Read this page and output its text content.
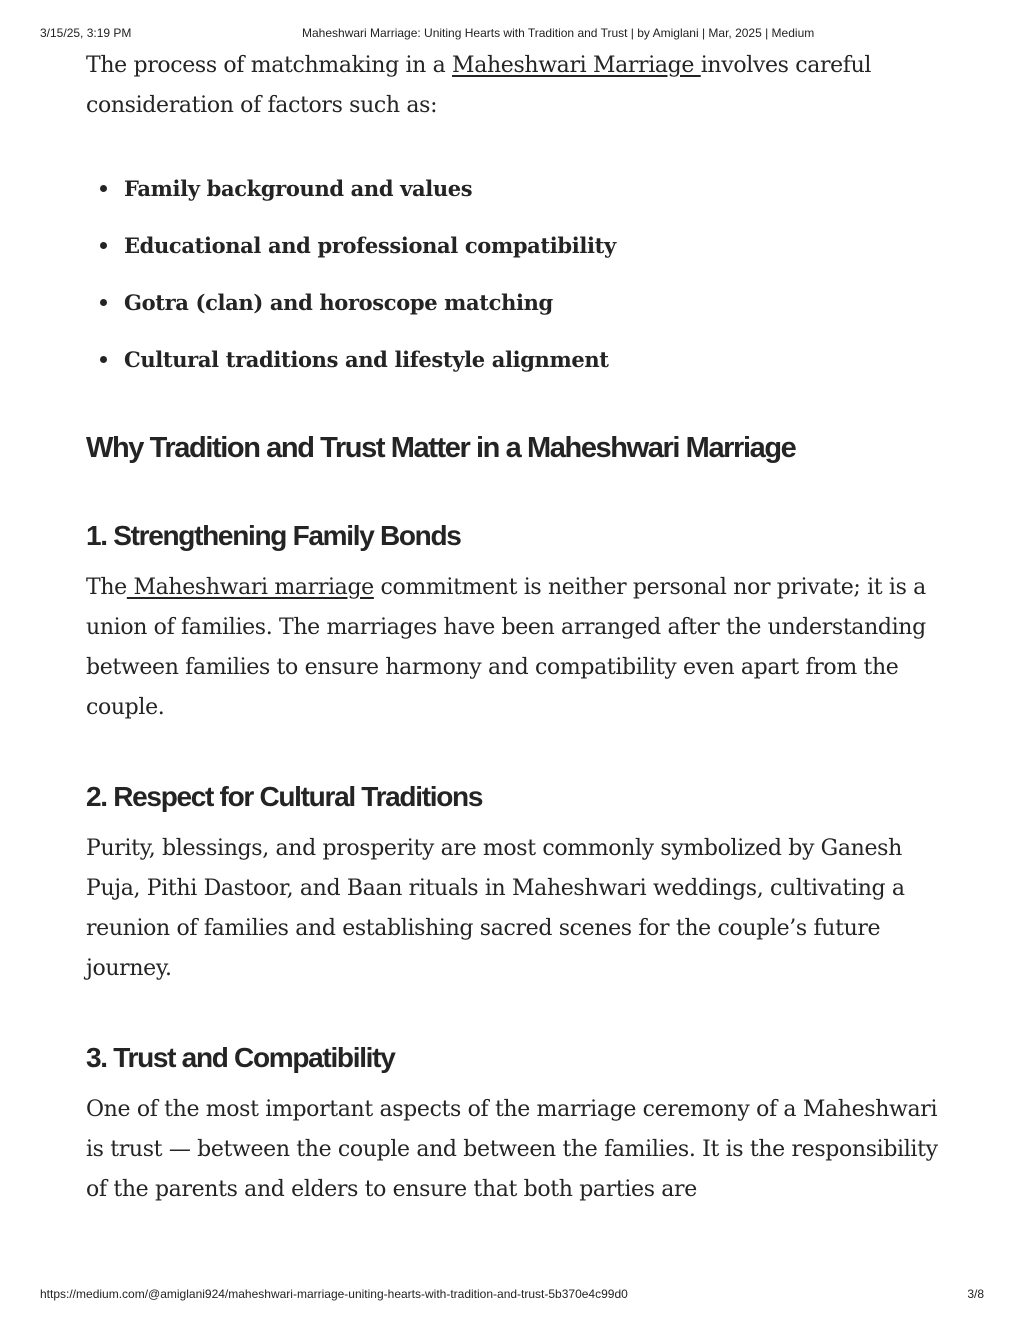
3/15/25, 3:19 PM	Maheshwari Marriage: Uniting Hearts with Tradition and Trust | by Amiglani | Mar, 2025 | Medium

The process of matchmaking in a Maheshwari Marriage involves careful consideration of factors such as:

Family background and values
Educational and professional compatibility
Gotra (clan) and horoscope matching
Cultural traditions and lifestyle alignment
Why Tradition and Trust Matter in a Maheshwari Marriage
1. Strengthening Family Bonds

The Maheshwari marriage commitment is neither personal nor private; it is a union of families. The marriages have been arranged after the understanding between families to ensure harmony and compatibility even apart from the couple.

2. Respect for Cultural Traditions

Purity, blessings, and prosperity are most commonly symbolized by Ganesh Puja, Pithi Dastoor, and Baan rituals in Maheshwari weddings, cultivating a reunion of families and establishing sacred scenes for the couple’s future journey.

3. Trust and Compatibility

One of the most important aspects of the marriage ceremony of a Maheshwari is trust — between the couple and between the families. It is the responsibility of the parents and elders to ensure that both parties are

https://medium.com/@amiglani924/maheshwari-marriage-uniting-hearts-with-tradition-and-trust-5b370e4c99d0	3/8
